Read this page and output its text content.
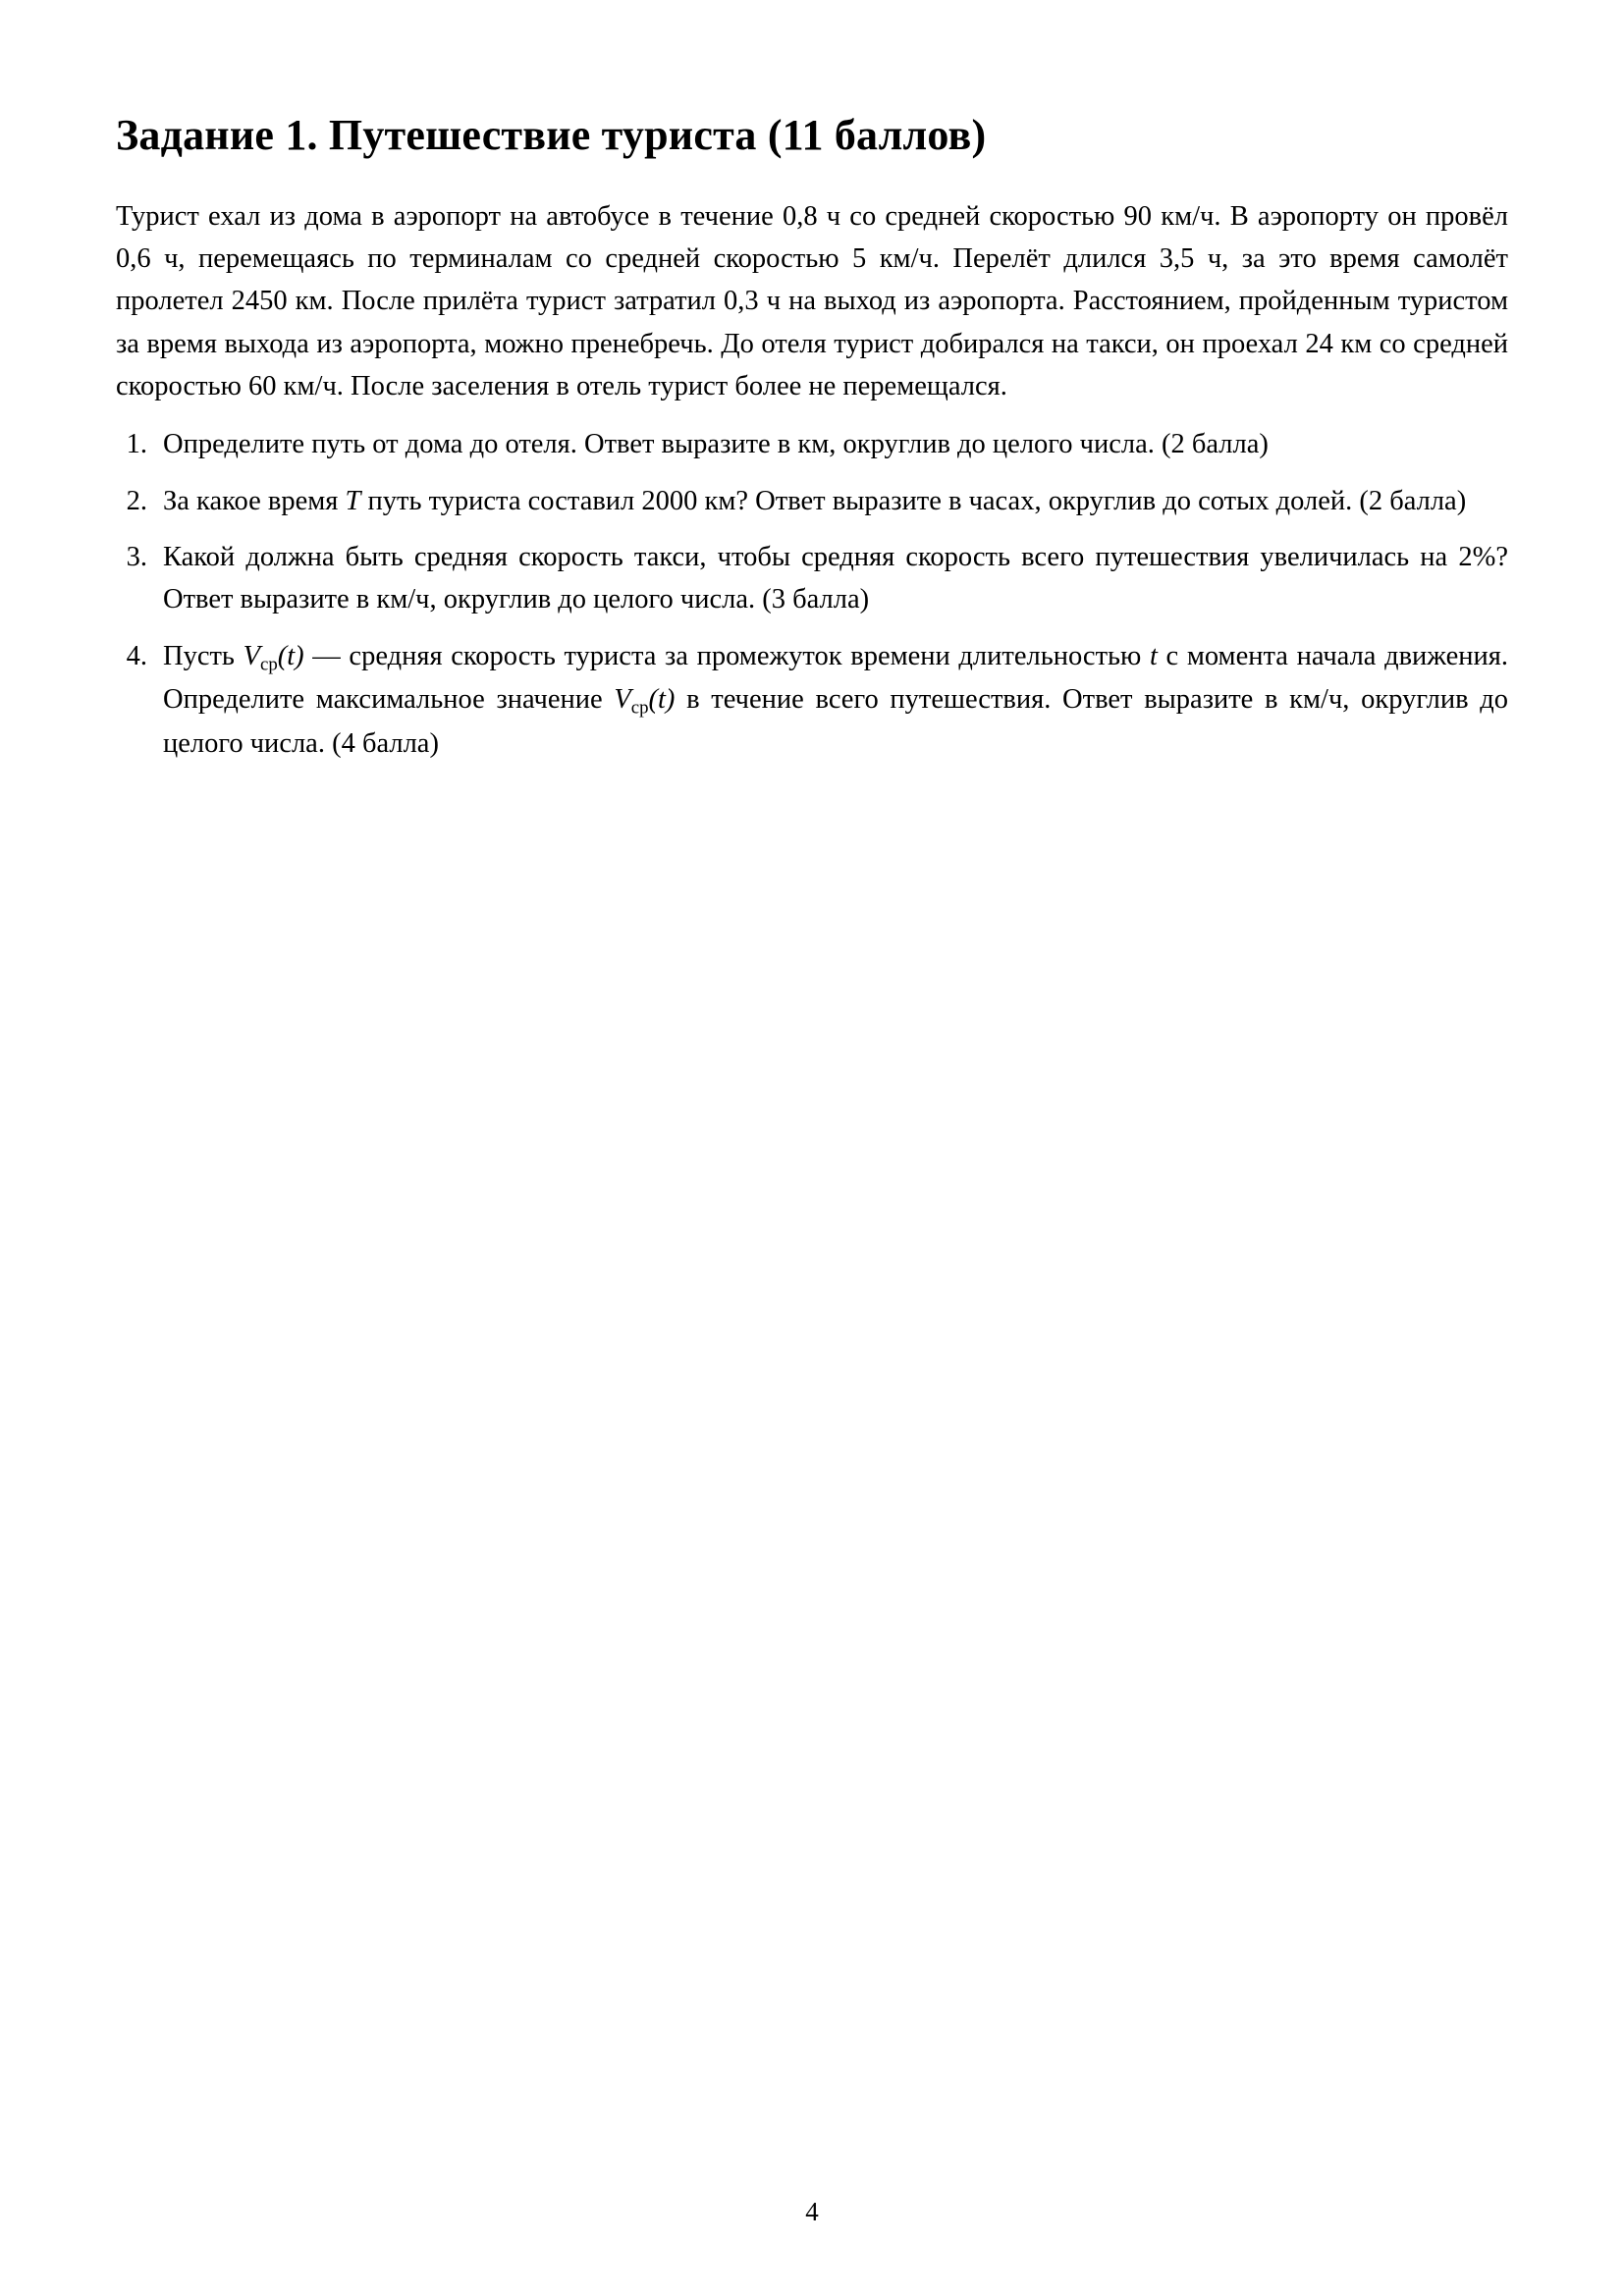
Задание 1. Путешествие туриста (11 баллов)

Турист ехал из дома в аэропорт на автобусе в течение 0,8 ч со средней скоростью 90 км/ч. В аэропорту он провёл 0,6 ч, перемещаясь по терминалам со средней скоростью 5 км/ч. Перелёт длился 3,5 ч, за это время самолёт пролетел 2450 км. После прилёта турист затратил 0,3 ч на выход из аэропорта. Расстоянием, пройденным туристом за время выхода из аэропорта, можно пренебречь. До отеля турист добирался на такси, он проехал 24 км со средней скоростью 60 км/ч. После заселения в отель турист более не перемещался.

1. Определите путь от дома до отеля. Ответ выразите в км, округлив до целого числа. (2 балла)
2. За какое время T путь туриста составил 2000 км? Ответ выразите в часах, округлив до сотых долей. (2 балла)
3. Какой должна быть средняя скорость такси, чтобы средняя скорость всего путешествия увеличилась на 2%? Ответ выразите в км/ч, округлив до целого числа. (3 балла)
4. Пусть $V_{ср}(t)$ — средняя скорость туриста за промежуток времени длительностью t с момента начала движения. Определите максимальное значение $V_{ср}(t)$ в течение всего путешествия. Ответ выразите в км/ч, округлив до целого числа. (4 балла)
4
